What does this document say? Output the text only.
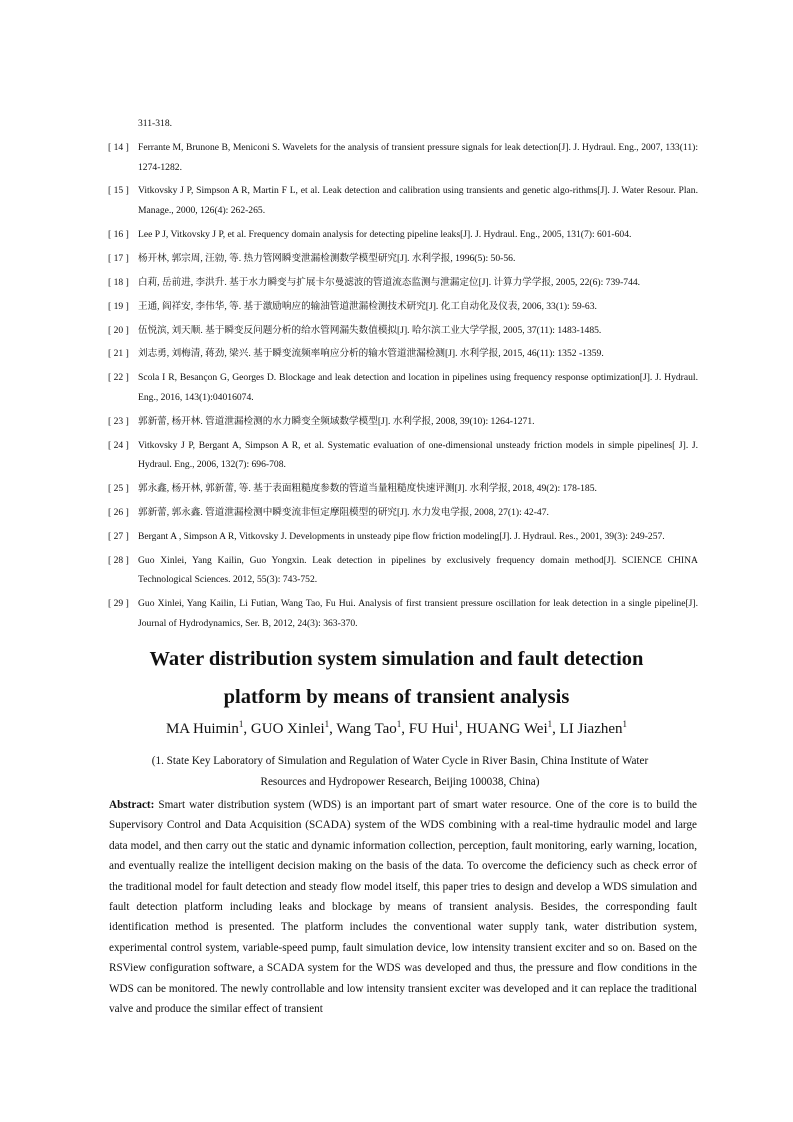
311-318.
[ 14 ] Ferrante M, Brunone B, Meniconi S. Wavelets for the analysis of transient pressure signals for leak detection[J]. J. Hydraul. Eng., 2007, 133(11): 1274-1282.
[ 15 ] Vitkovsky J P, Simpson A R, Martin F L, et al. Leak detection and calibration using transients and genetic algo‑rithms[J]. J. Water Resour. Plan. Manage., 2000, 126(4): 262-265.
[ 16 ] Lee P J, Vitkovsky J P, et al. Frequency domain analysis for detecting pipeline leaks[J]. J. Hydraul. Eng., 2005, 131(7): 601-604.
[ 17 ] 杨开林, 郭宗周, 汪勍, 等. 热力管网瞬变泄漏检测数学模型研究[J]. 水利学报, 1996(5): 50-56.
[ 18 ] 白莉, 岳前进, 李洪升. 基于水力瞬变与扩展卡尔曼滤波的管道流态监测与泄漏定位[J]. 计算力学学报, 2005, 22(6): 739-744.
[ 19 ] 王通, 阎祥安, 李伟华, 等. 基于激励响应的输油管道泄漏检测技术研究[J]. 化工自动化及仪表, 2006, 33(1): 59-63.
[ 20 ] 伍悦滨, 刘天顺. 基于瞬变反问题分析的给水管网漏失数值模拟[J]. 哈尔滨工业大学学报, 2005, 37(11): 1483-1485.
[ 21 ] 刘志勇, 刘梅清, 蒋劲, 梁兴. 基于瞬变流频率响应分析的输水管道泄漏检测[J]. 水利学报, 2015, 46(11): 1352 -1359.
[ 22 ] Scola I R, Besançon G, Georges D. Blockage and leak detection and location in pipelines using frequency response optimization[J]. J. Hydraul. Eng., 2016, 143(1):04016074.
[ 23 ] 郭新蕾, 杨开林. 管道泄漏检测的水力瞬变全频域数学模型[J]. 水利学报, 2008, 39(10): 1264-1271.
[ 24 ] Vitkovsky J P, Bergant A, Simpson A R, et al. Systematic evaluation of one-dimensional unsteady friction models in simple pipelines[ J]. J. Hydraul. Eng., 2006, 132(7): 696-708.
[ 25 ] 郭永鑫, 杨开林, 郭新蕾, 等. 基于表面粗糙度参数的管道当量粗糙度快速评测[J]. 水利学报, 2018, 49(2): 178-185.
[ 26 ] 郭新蕾, 郭永鑫. 管道泄漏检测中瞬变流非恒定摩阻模型的研究[J]. 水力发电学报, 2008, 27(1): 42-47.
[ 27 ] Bergant A , Simpson A R, Vitkovsky J. Developments in unsteady pipe flow friction modeling[J]. J. Hydraul. Res., 2001, 39(3): 249-257.
[ 28 ] Guo Xinlei, Yang Kailin, Guo Yongxin. Leak detection in pipelines by exclusively frequency domain method[J]. SCIENCE CHINA Technological Sciences. 2012, 55(3): 743-752.
[ 29 ] Guo Xinlei, Yang Kailin, Li Futian, Wang Tao, Fu Hui. Analysis of first transient pressure oscillation for leak detection in a single pipeline[J]. Journal of Hydrodynamics, Ser. B, 2012, 24(3): 363-370.
Water distribution system simulation and fault detection
platform by means of transient analysis
MA Huimin$^1$, GUO Xinlei$^1$, Wang Tao$^1$, FU Hui$^1$, HUANG Wei$^1$, LI Jiazhen$^1$
(1. State Key Laboratory of Simulation and Regulation of Water Cycle in River Basin, China Institute of Water
Resources and Hydropower Research, Beijing 100038, China)
Abstract: Smart water distribution system (WDS) is an important part of smart water resource. One of the core is to build the Supervisory Control and Data Acquisition (SCADA) system of the WDS combining with a real-time hydraulic model and large data model, and then carry out the static and dynamic information collection, perception, fault monitoring, early warning, location, and eventually realize the intelligent decision making on the basis of the data. To overcome the deficiency such as check error of the traditional model for fault detection and steady flow model itself, this paper tries to design and develop a WDS simulation and fault detection platform including leaks and blockage by means of transient analysis. Besides, the corresponding fault identification method is presented. The platform includes the conventional water supply tank, water distribution system, experimental control system, variable-speed pump, fault simulation device, low intensity transient exciter and so on. Based on the RSView configuration software, a SCADA system for the WDS was developed and thus, the pressure and flow conditions in the WDS can be monitored. The newly controllable and low intensity transient exciter was developed and it can replace the traditional valve and produce the similar effect of transient
